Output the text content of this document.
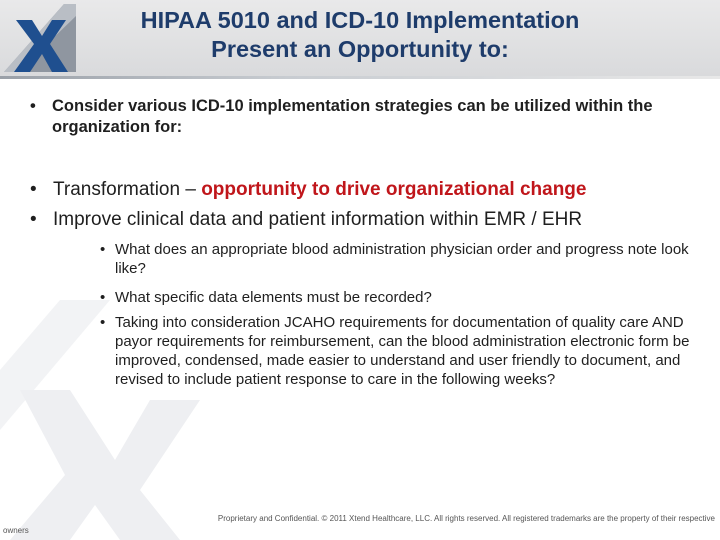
HIPAA 5010 and ICD-10 Implementation
Present an Opportunity to:
• Consider various ICD-10 implementation strategies can be utilized within the organization for:
• Transformation – opportunity to drive organizational change
• Improve clinical data and patient information within EMR / EHR
• What does an appropriate blood administration physician order and progress note look like?
• What specific data elements must be recorded?
• Taking into consideration JCAHO requirements for documentation of quality care AND payor requirements for reimbursement, can the blood administration electronic form be improved, condensed, made easier to understand and user friendly to document, and revised to include patient response to care in the following weeks?
Proprietary and Confidential. © 2011 Xtend Healthcare, LLC. All rights reserved. All registered trademarks are the property of their respective
owners
